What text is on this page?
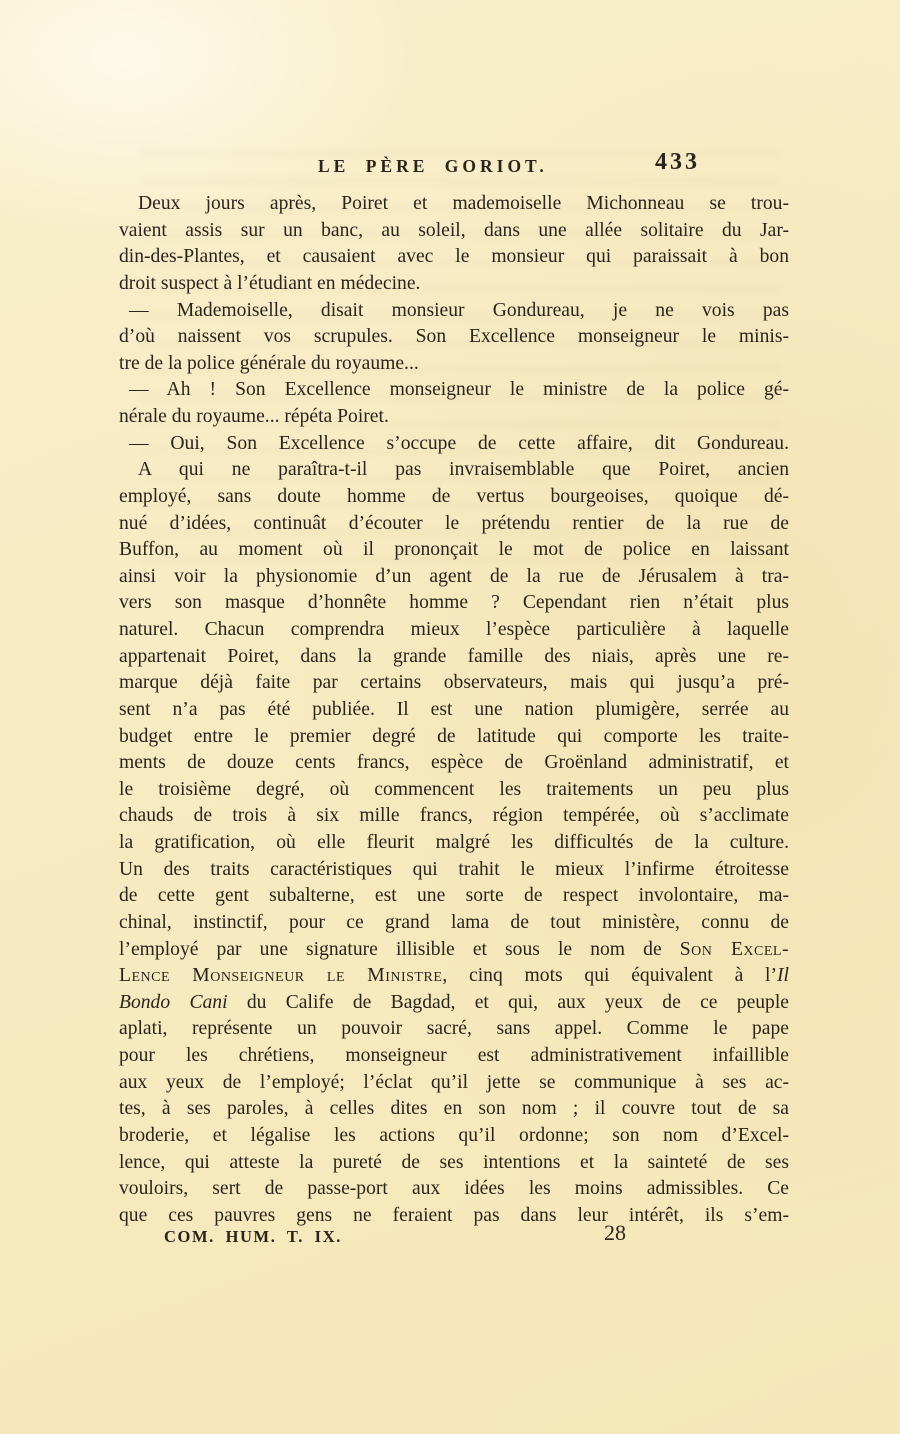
LE PÈRE GORIOT.	433
Deux jours après, Poiret et mademoiselle Michonneau se trou-
vaient assis sur un banc, au soleil, dans une allée solitaire du Jar-
din-des-Plantes, et causaient avec le monsieur qui paraissait à bon
droit suspect à l’étudiant en médecine.
— Mademoiselle, disait monsieur Gondureau, je ne vois pas
d’où naissent vos scrupules. Son Excellence monseigneur le minis-
tre de la police générale du royaume...
— Ah ! Son Excellence monseigneur le ministre de la police gé-
nérale du royaume... répéta Poiret.
— Oui, Son Excellence s’occupe de cette affaire, dit Gondureau.
A qui ne paraîtra-t-il pas invraisemblable que Poiret, ancien
employé, sans doute homme de vertus bourgeoises, quoique dé-
nué d’idées, continuât d’écouter le prétendu rentier de la rue de
Buffon, au moment où il prononçait le mot de police en laissant
ainsi voir la physionomie d’un agent de la rue de Jérusalem à tra-
vers son masque d’honnête homme ? Cependant rien n’était plus
naturel. Chacun comprendra mieux l’espèce particulière à laquelle
appartenait Poiret, dans la grande famille des niais, après une re-
marque déjà faite par certains observateurs, mais qui jusqu’a pré-
sent n’a pas été publiée. Il est une nation plumigère, serrée au
budget entre le premier degré de latitude qui comporte les traite-
ments de douze cents francs, espèce de Groënland administratif, et
le troisième degré, où commencent les traitements un peu plus
chauds de trois à six mille francs, région tempérée, où s’acclimate
la gratification, où elle fleurit malgré les difficultés de la culture.
Un des traits caractéristiques qui trahit le mieux l’infirme étroitesse
de cette gent subalterne, est une sorte de respect involontaire, ma-
chinal, instinctif, pour ce grand lama de tout ministère, connu de
l’employé par une signature illisible et sous le nom de Son Excel-
Lence Monseigneur le Ministre, cinq mots qui équivalent à l’Il
Bondo Cani du Calife de Bagdad, et qui, aux yeux de ce peuple
aplati, représente un pouvoir sacré, sans appel. Comme le pape
pour les chrétiens, monseigneur est administrativement infaillible
aux yeux de l’employé; l’éclat qu’il jette se communique à ses ac-
tes, à ses paroles, à celles dites en son nom ; il couvre tout de sa
broderie, et légalise les actions qu’il ordonne; son nom d’Excel-
lence, qui atteste la pureté de ses intentions et la sainteté de ses
vouloirs, sert de passe-port aux idées les moins admissibles. Ce
que ces pauvres gens ne feraient pas dans leur intérêt, ils s’em-
COM. HUM. T. IX.	28
